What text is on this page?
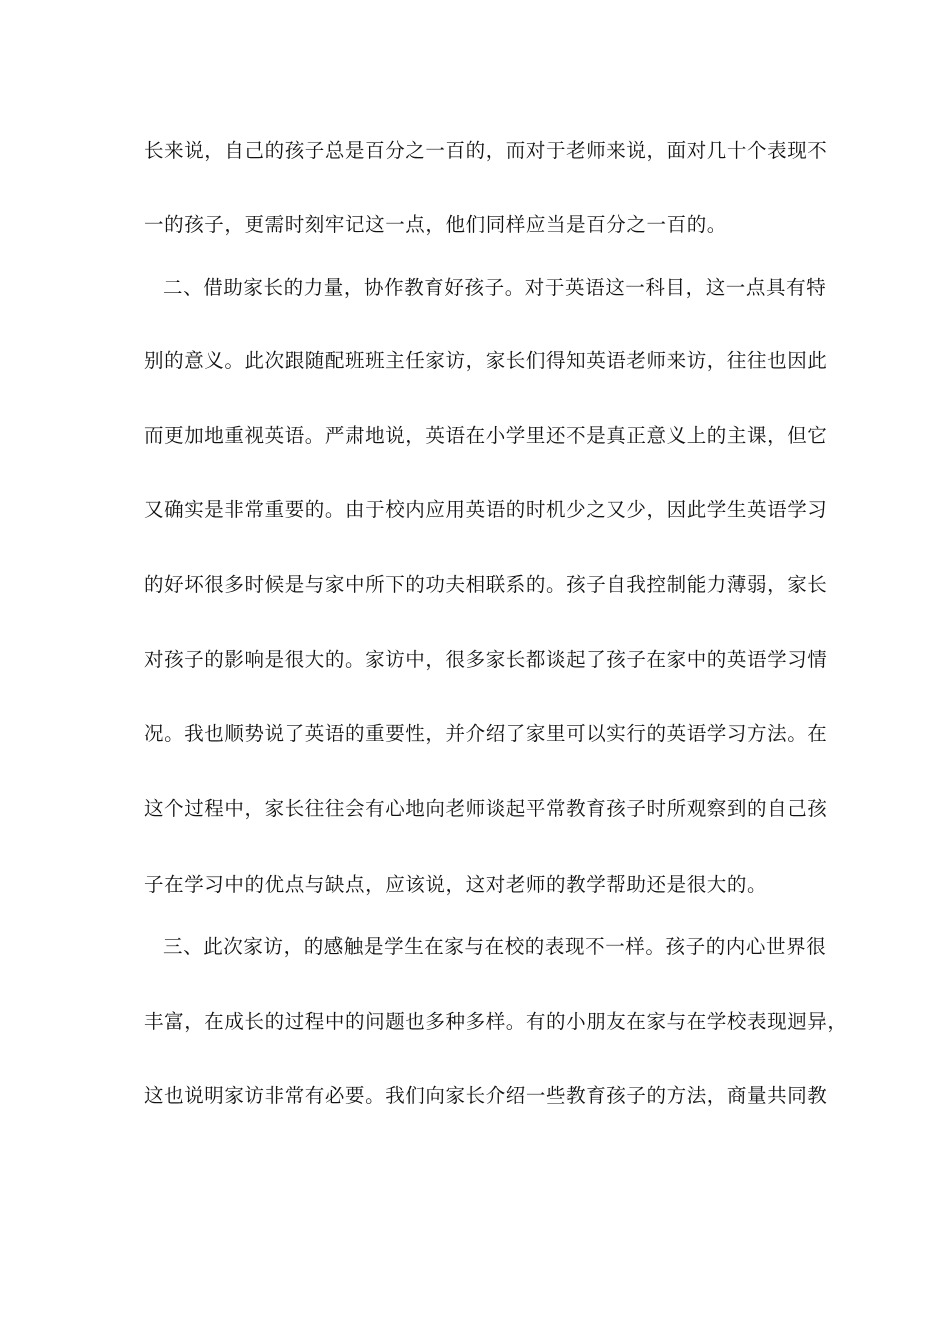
长来说，自己的孩子总是百分之一百的，而对于老师来说，面对几十个表现不
一的孩子，更需时刻牢记这一点，他们同样应当是百分之一百的。
二、借助家长的力量，协作教育好孩子。对于英语这一科目，这一点具有特
别的意义。此次跟随配班班主任家访，家长们得知英语老师来访，往往也因此
而更加地重视英语。严肃地说，英语在小学里还不是真正意义上的主课，但它
又确实是非常重要的。由于校内应用英语的时机少之又少，因此学生英语学习
的好坏很多时候是与家中所下的功夫相联系的。孩子自我控制能力薄弱，家长
对孩子的影响是很大的。家访中，很多家长都谈起了孩子在家中的英语学习情
况。我也顺势说了英语的重要性，并介绍了家里可以实行的英语学习方法。在
这个过程中，家长往往会有心地向老师谈起平常教育孩子时所观察到的自己孩
子在学习中的优点与缺点，应该说，这对老师的教学帮助还是很大的。
三、此次家访，的感触是学生在家与在校的表现不一样。孩子的内心世界很
丰富，在成长的过程中的问题也多种多样。有的小朋友在家与在学校表现迥异，
这也说明家访非常有必要。我们向家长介绍一些教育孩子的方法，商量共同教
